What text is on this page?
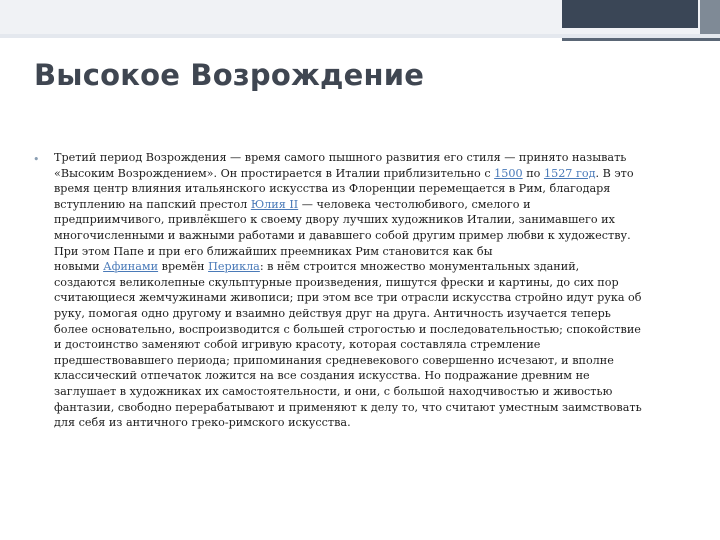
Высокое Возрождение
• Третий период Возрождения — время самого пышного развития его стиля — принято называть
«Высоким Возрождением». Он простирается в Италии приблизительно с 1500 по 1527 год. В это
время центр влияния итальянского искусства из Флоренции перемещается в Рим, благодаря
вступлению на папский престол Юлия II — человека честолюбивого, смелого и
предприимчивого, привлёкшего к своему двору лучших художников Италии, занимавшего их
многочисленными и важными работами и дававшего собой другим пример любви к художеству.
При этом Папе и при его ближайших преемниках Рим становится как бы
новыми Афинами времён Перикла: в нём строится множество монументальных зданий,
создаются великолепные скульптурные произведения, пишутся фрески и картины, до сих пор
считающиеся жемчужинами живописи; при этом все три отрасли искусства стройно идут рука об
руку, помогая одно другому и взаимно действуя друг на друга. Античность изучается теперь
более основательно, воспроизводится с большей строгостью и последовательностью; спокойствие
и достоинство заменяют собой игривую красоту, которая составляла стремление
предшествовавшего периода; припоминания средневекового совершенно исчезают, и вполне
классический отпечаток ложится на все создания искусства. Но подражание древним не
заглушает в художниках их самостоятельности, и они, с большой находчивостью и живостью
фантазии, свободно перерабатывают и применяют к делу то, что считают уместным заимствовать
для себя из античного греко-римского искусства.
